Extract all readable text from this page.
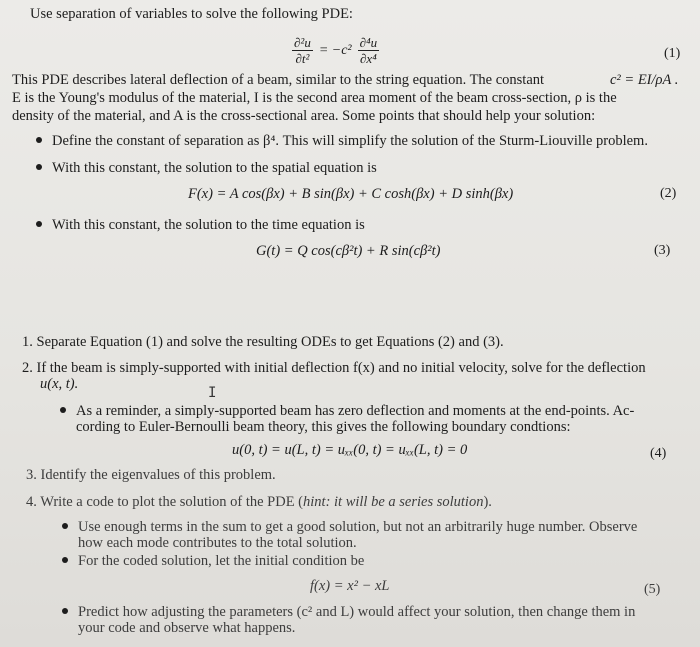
Use separation of variables to solve the following PDE:
$\frac{\text{∂²u}}{\text{∂t²}} = -c^2 \frac{\text{∂⁴u}}{\text{∂x⁴}}$	(1)
This PDE describes lateral deflection of a beam, similar to the string equation. The constant	c² = EI/ρA .
E is the Young's modulus of the material, I is the second area moment of the beam cross-section, ρ is the
density of the material, and A is the cross-sectional area. Some points that should help your solution:
Define the constant of separation as β⁴. This will simplify the solution of the Sturm-Liouville problem.
With this constant, the solution to the spatial equation is
F(x) = A cos(βx) + B sin(βx) + C cosh(βx) + D sinh(βx)	(2)
With this constant, the solution to the time equation is
G(t) = Q cos(cβ²t) + R sin(cβ²t)	(3)
1. Separate Equation (1) and solve the resulting ODEs to get Equations (2) and (3).
2. If the beam is simply-supported with initial deflection f(x) and no initial velocity, solve for the deflection
u(x, t).
I
As a reminder, a simply-supported beam has zero deflection and moments at the end-points. Ac-
cording to Euler-Bernoulli beam theory, this gives the following boundary condtions:
u(0, t) = u(L, t) = uₓₓ(0, t) = uₓₓ(L, t) = 0	(4)
3. Identify the eigenvalues of this problem.
4. Write a code to plot the solution of the PDE (hint: it will be a series solution).
Use enough terms in the sum to get a good solution, but not an arbitrarily huge number. Observe
how each mode contributes to the total solution.
For the coded solution, let the initial condition be
f(x) = x² − xL	(5)
Predict how adjusting the parameters (c² and L) would affect your solution, then change them in
your code and observe what happens.
